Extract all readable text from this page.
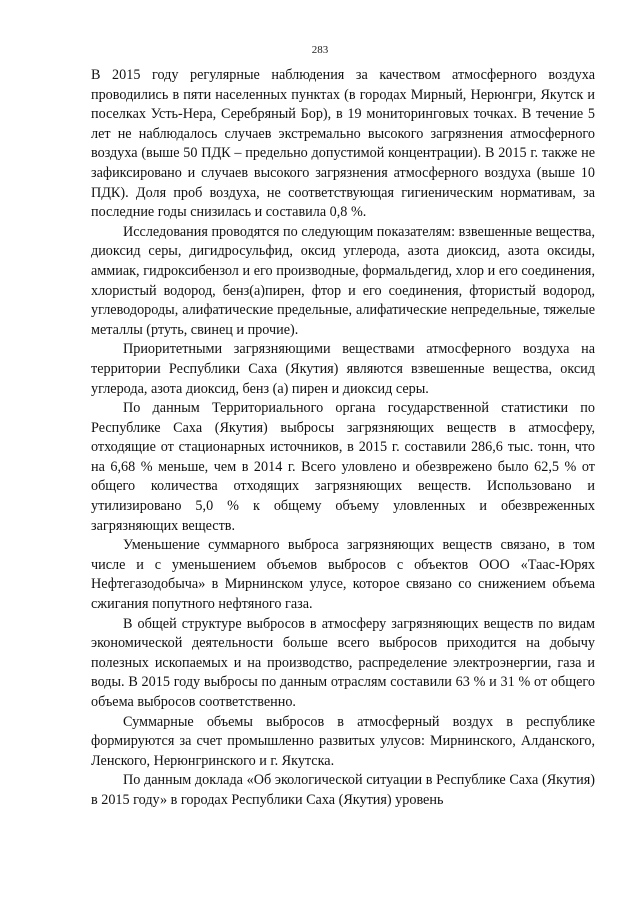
283

В 2015 году регулярные наблюдения за качеством атмосферного воздуха проводились в пяти населенных пунктах (в городах Мирный, Нерюнгри, Якутск и поселках Усть-Нера, Серебряный Бор), в 19 мониторинговых точках. В течение 5 лет не наблюдалось случаев экстремально высокого загрязнения атмосферного воздуха (выше 50 ПДК – предельно допустимой концентрации). В 2015 г. также не зафиксировано и случаев высокого загрязнения атмосферного воздуха (выше 10 ПДК). Доля проб воздуха, не соответствующая гигиеническим нормативам, за последние годы снизилась и составила 0,8 %.

Исследования проводятся по следующим показателям: взвешенные вещества, диоксид серы, дигидросульфид, оксид углерода, азота диоксид, азота оксиды, аммиак, гидроксибензол и его производные, формальдегид, хлор и его соединения, хлористый водород, бенз(а)пирен, фтор и его соединения, фтористый водород, углеводороды, алифатические предельные, алифатические непредельные, тяжелые металлы (ртуть, свинец и прочие).

Приоритетными загрязняющими веществами атмосферного воздуха на территории Республики Саха (Якутия) являются взвешенные вещества, оксид углерода, азота диоксид, бенз (а) пирен и диоксид серы.

По данным Территориального органа государственной статистики по Республике Саха (Якутия) выбросы загрязняющих веществ в атмосферу, отходящие от стационарных источников, в 2015 г. составили 286,6 тыс. тонн, что на 6,68 % меньше, чем в 2014 г. Всего уловлено и обезврежено было 62,5 % от общего количества отходящих загрязняющих веществ. Использовано и утилизировано 5,0 % к общему объему уловленных и обезвреженных загрязняющих веществ.

Уменьшение суммарного выброса загрязняющих веществ связано, в том числе и с уменьшением объемов выбросов с объектов ООО «Таас-Юрях Нефтегазодобыча» в Мирнинском улусе, которое связано со снижением объема сжигания попутного нефтяного газа.

В общей структуре выбросов в атмосферу загрязняющих веществ по видам экономической деятельности больше всего выбросов приходится на добычу полезных ископаемых и на производство, распределение электроэнергии, газа и воды. В 2015 году выбросы по данным отраслям составили 63 % и 31 % от общего объема выбросов соответственно.

Суммарные объемы выбросов в атмосферный воздух в республике формируются за счет промышленно развитых улусов: Мирнинского, Алданского, Ленского, Нерюнгринского и г. Якутска.

По данным доклада «Об экологической ситуации в Республике Саха (Якутия) в 2015 году» в городах Республики Саха (Якутия) уровень
